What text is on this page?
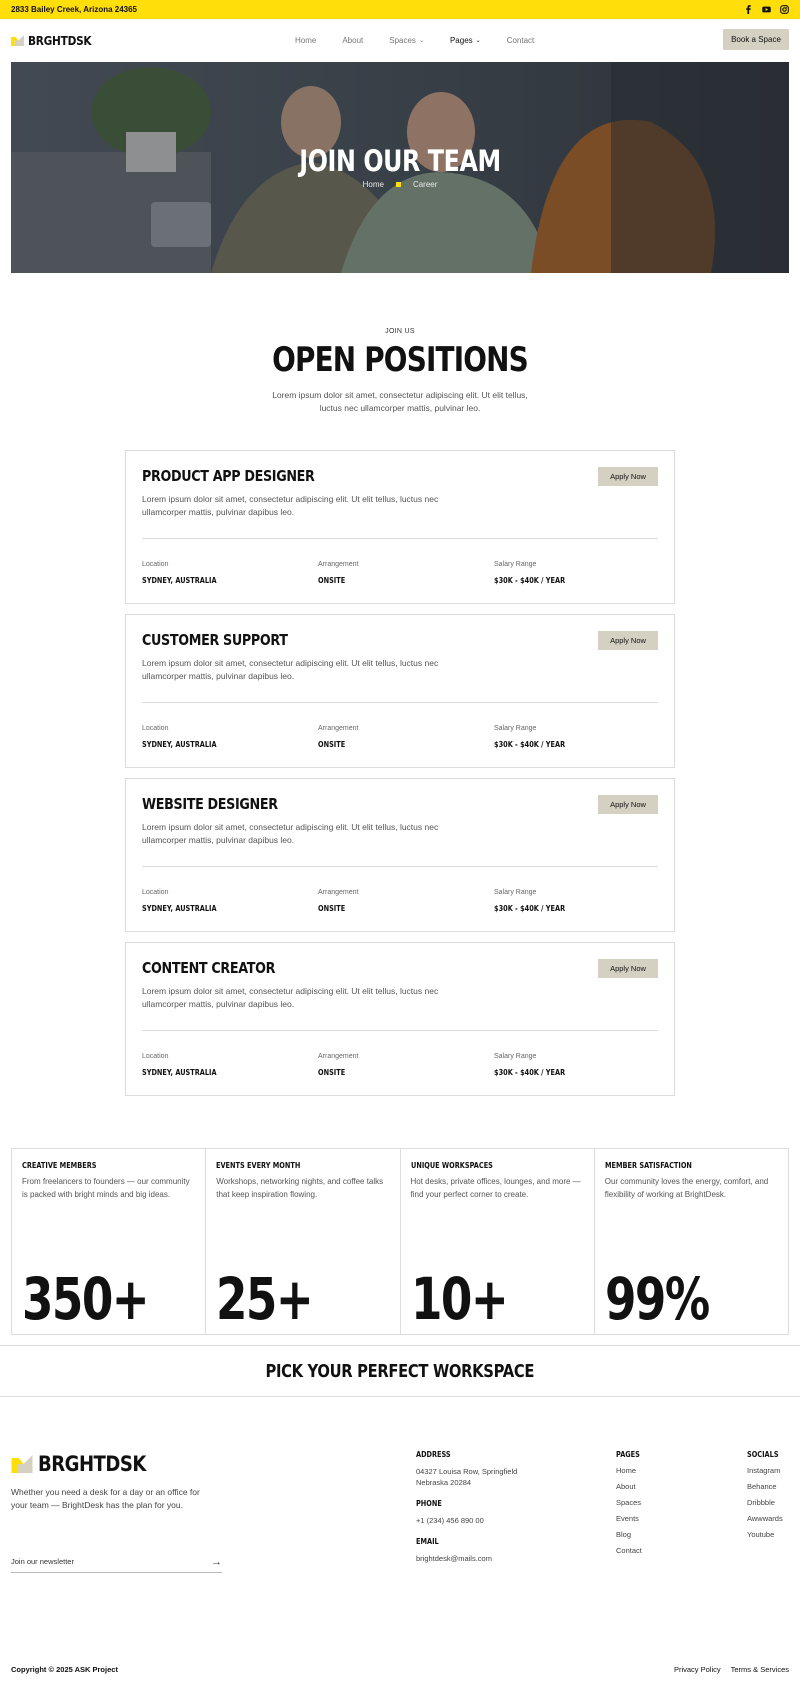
2833 Bailey Creek, Arizona 24365
BRGHTDSK	Home	About	Spaces ⌄	Pages ⌄	Contact	Book a Space
JOIN OUR TEAM
Home	Career
JOIN US
OPEN POSITIONS
Lorem ipsum dolor sit amet, consectetur adipiscing elit. Ut elit tellus, luctus nec ullamcorper mattis, pulvinar leo.
PRODUCT APP DESIGNER
Lorem ipsum dolor sit amet, consectetur adipiscing elit. Ut elit tellus, luctus nec ullamcorper mattis, pulvinar dapibus leo.
Apply Now
Location
SYDNEY, AUSTRALIA
Arrangement
ONSITE
Salary Range
$30K - $40K / YEAR
CUSTOMER SUPPORT
Lorem ipsum dolor sit amet, consectetur adipiscing elit. Ut elit tellus, luctus nec ullamcorper mattis, pulvinar dapibus leo.
Apply Now
Location
SYDNEY, AUSTRALIA
Arrangement
ONSITE
Salary Range
$30K - $40K / YEAR
WEBSITE DESIGNER
Lorem ipsum dolor sit amet, consectetur adipiscing elit. Ut elit tellus, luctus nec ullamcorper mattis, pulvinar dapibus leo.
Apply Now
Location
SYDNEY, AUSTRALIA
Arrangement
ONSITE
Salary Range
$30K - $40K / YEAR
CONTENT CREATOR
Lorem ipsum dolor sit amet, consectetur adipiscing elit. Ut elit tellus, luctus nec ullamcorper mattis, pulvinar dapibus leo.
Apply Now
Location
SYDNEY, AUSTRALIA
Arrangement
ONSITE
Salary Range
$30K - $40K / YEAR
CREATIVE MEMBERS
From freelancers to founders — our community is packed with bright minds and big ideas.
350+
EVENTS EVERY MONTH
Workshops, networking nights, and coffee talks that keep inspiration flowing.
25+
UNIQUE WORKSPACES
Hot desks, private offices, lounges, and more — find your perfect corner to create.
10+
MEMBER SATISFACTION
Our community loves the energy, comfort, and flexibility of working at BrightDesk.
99%
PICK YOUR PERFECT WORKSPACE
BRGHTDSK
Whether you need a desk for a day or an office for your team — BrightDesk has the plan for you.
Join our newsletter	→
ADDRESS
04327 Louisa Row, Springfield
Nebraska 20284
PHONE
+1 (234) 456 890 00
EMAIL
brightdesk@mails.com
PAGES
Home
About
Spaces
Events
Blog
Contact
SOCIALS
Instagram
Behance
Dribbble
Awwwards
Youtube
Copyright © 2025 ASK Project	Privacy Policy Terms & Services
